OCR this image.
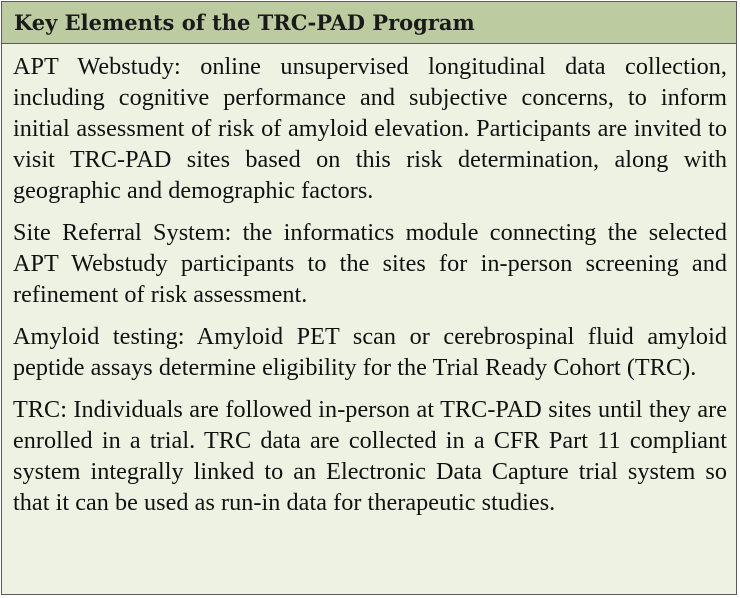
Key Elements of the TRC-PAD Program

APT Webstudy: online unsupervised longitudinal data collection, including cognitive performance and subjective concerns, to inform initial assessment of risk of amyloid elevation. Participants are invited to visit TRC-PAD sites based on this risk determination, along with geographic and demographic factors.

Site Referral System: the informatics module connecting the selected APT Webstudy participants to the sites for in-person screening and refinement of risk assessment.

Amyloid testing: Amyloid PET scan or cerebrospinal fluid amyloid peptide assays determine eligibility for the Trial Ready Cohort (TRC).

TRC: Individuals are followed in-person at TRC-PAD sites until they are enrolled in a trial. TRC data are collected in a CFR Part 11 compliant system integrally linked to an Electronic Data Capture trial system so that it can be used as run-in data for therapeutic studies.
